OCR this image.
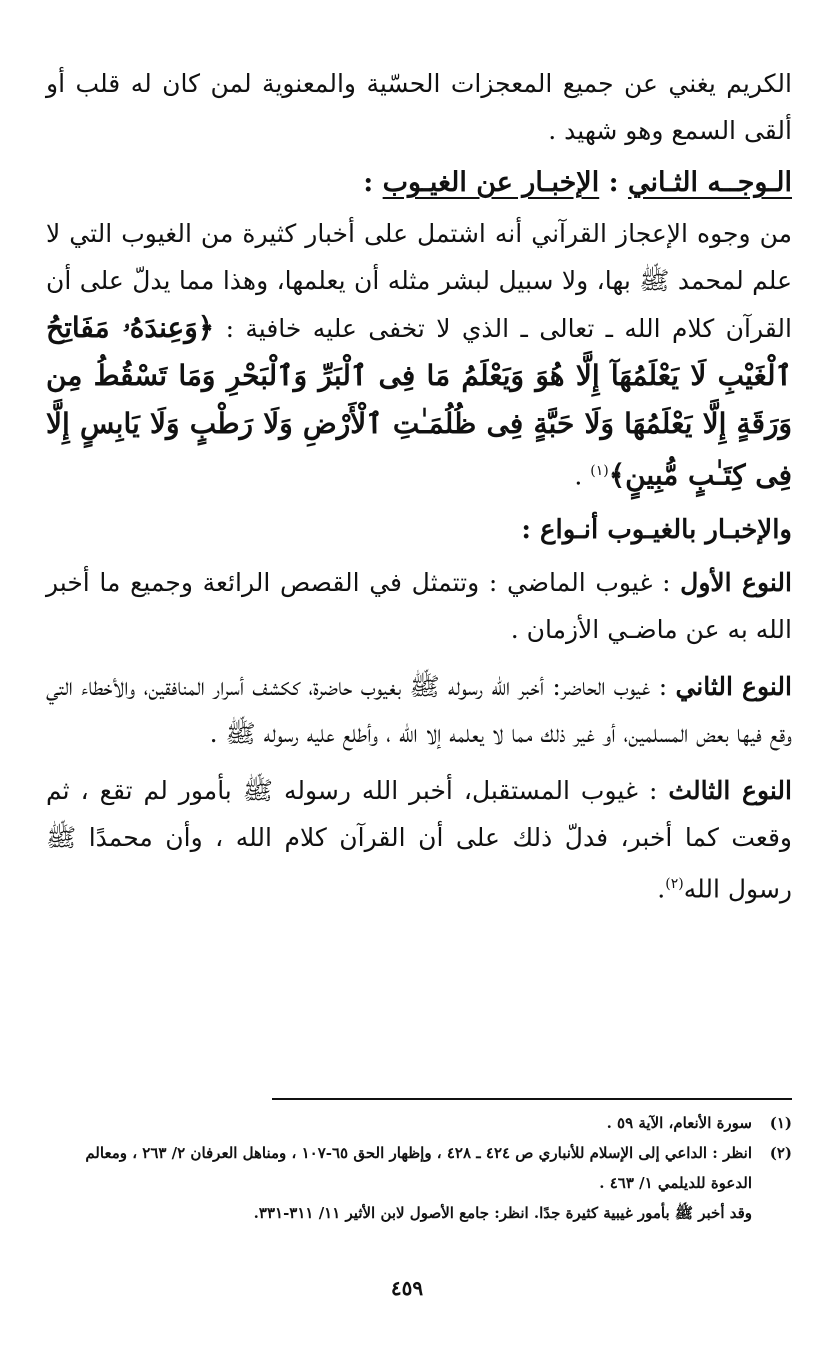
الكريم يغني عن جميع المعجزات الحسّية والمعنوية لمن كان له قلب أو ألقى السمع وهو شهيد .

الـوجــه الثـاني : الإخبـار عن الغيـوب :

من وجوه الإعجاز القرآني أنه اشتمل على أخبار كثيرة من الغيوب التي لا علم لمحمد ﷺ بها، ولا سبيل لبشر مثله أن يعلمها، وهذا مما يدلّ على أن القرآن كلام الله ـ تعالى ـ الذي لا تخفى عليه خافية : ﴿وَعِندَهُۥ مَفَاتِحُ ٱلْغَيْبِ لَا يَعْلَمُهَآ إِلَّا هُوَ وَيَعْلَمُ مَا فِى ٱلْبَرِّ وَٱلْبَحْرِ وَمَا تَسْقُطُ مِن وَرَقَةٍ إِلَّا يَعْلَمُهَا وَلَا حَبَّةٍ فِى ظُلُمَـٰتِ ٱلْأَرْضِ وَلَا رَطْبٍ وَلَا يَابِسٍ إِلَّا فِى كِتَـٰبٍ مُّبِينٍ﴾$^{(١)}$ .

والإخبـار بالغيـوب أنـواع :

النوع الأول : غيوب الماضي : وتتمثل في القصص الرائعة وجميع ما أخبر الله به عن ماضـي الأزمان .

النوع الثاني : غيوب الحاضر: أخبر الله رسوله ﷺ بغيوب حاضرة، ككشف أسرار المنافقين، والأخطاء التي وقع فيها بعض المسلمين، أو غير ذلك مما لا يعلمه إلا الله ، وأطلع عليه رسوله ﷺ .

النوع الثالث : غيوب المستقبل، أخبر الله رسوله ﷺ بأمور لم تقع ، ثم وقعت كما أخبر، فدلّ ذلك على أن القرآن كلام الله ، وأن محمدًا ﷺ رسول الله$^{(٢)}$.

(١)
سورة الأنعام، الآية ٥٩ .
(٢)
انظر : الداعي إلى الإسلام للأنباري ص ٤٢٤ ـ ٤٢٨ ، وإظهار الحق ٦٥-١٠٧ ، ومناهل العرفان ٢/ ٢٦٣ ، ومعالم الدعوة للديلمي ١/ ٤٦٣ .
وقد أخبر ﷺ بأمور غيبية كثيرة جدًا. انظر: جامع الأصول لابن الأثير ١١/ ٣١١-٣٣١.
٤٥٩
